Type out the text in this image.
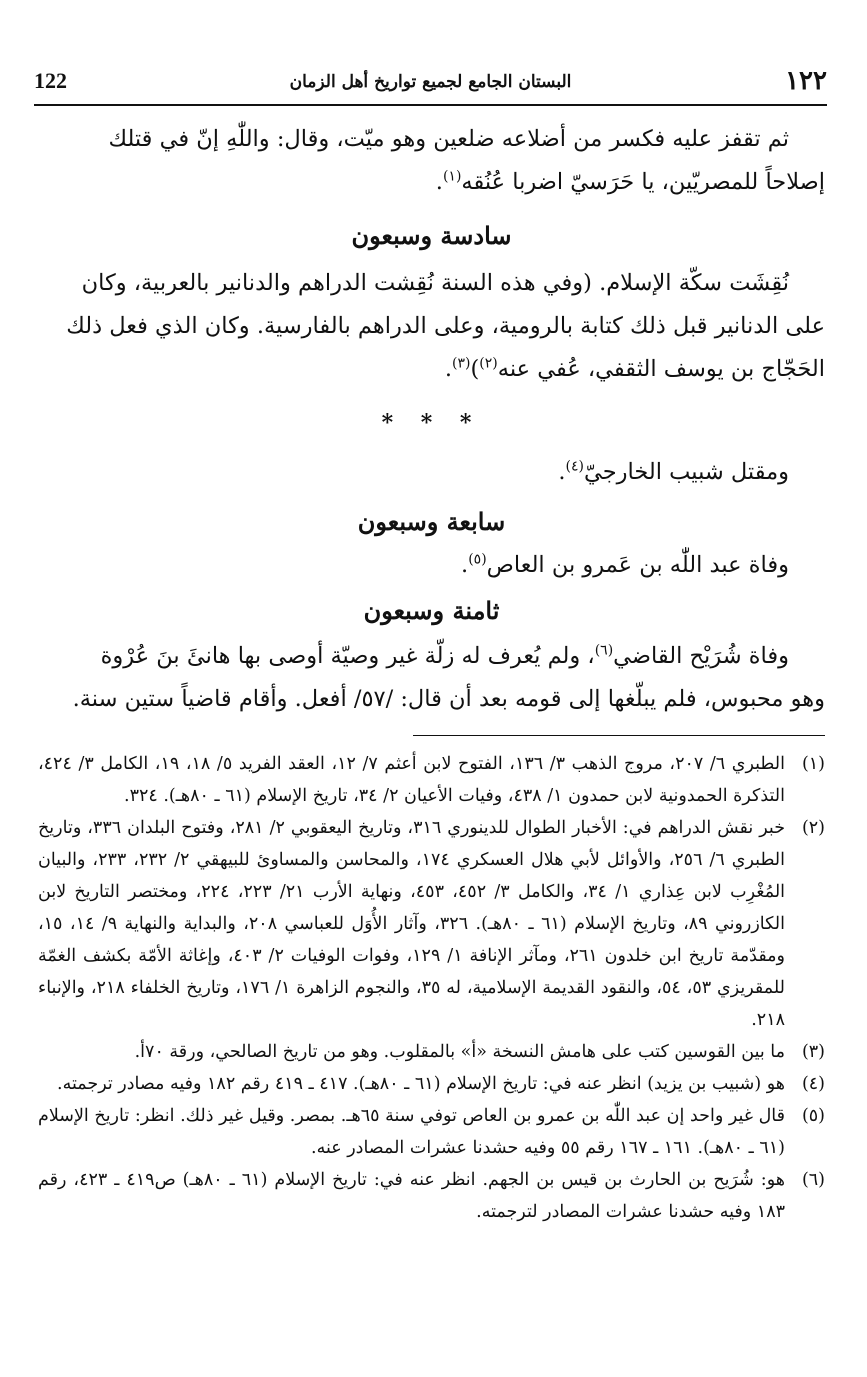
١٢٢
البستان الجامع لجميع تواريخ أهل الزمان
122

ثم تقفز عليه فكسر من أضلاعه ضلعين وهو ميّت، وقال: واللّٰهِ إنّ في قتلك

إصلاحاً للمصريّين، يا حَرَسيّ اضربا عُنُقه$^{(١)}$.

سادسة وسبعون

نُقِشَت سكّة الإسلام. (وفي هذه السنة نُقِشت الدراهم والدنانير بالعربية، وكان

على الدنانير قبل ذلك كتابة بالرومية، وعلى الدراهم بالفارسية. وكان الذي فعل ذلك

الحَجّاج بن يوسف الثقفي، عُفي عنه$^{(٢)}$)$^{(٣)}$.

* * *

ومقتل شبيب الخارجيّ$^{(٤)}$.

سابعة وسبعون

وفاة عبد اللّٰه بن عَمرو بن العاص$^{(٥)}$.

ثامنة وسبعون

وفاة شُرَيْح القاضي$^{(٦)}$، ولم يُعرف له زلّة غير وصيّة أوصى بها هانئَ بنَ عُرْوة

وهو محبوس، فلم يبلّغها إلى قومه بعد أن قال: /٥٧/ أفعل. وأقام قاضياً ستين سنة.

(١)
الطبري ٦/ ٢٠٧، مروج الذهب ٣/ ١٣٦، الفتوح لابن أعثم ٧/ ١٢، العقد الفريد ٥/ ١٨، ١٩، الكامل ٣/ ٤٢٤، التذكرة الحمدونية لابن حمدون ١/ ٤٣٨، وفيات الأعيان ٢/ ٣٤، تاريخ الإسلام (٦١ ـ ٨٠هـ). ٣٢٤.

(٢)
خبر نقش الدراهم في: الأخبار الطوال للدينوري ٣١٦، وتاريخ اليعقوبي ٢/ ٢٨١، وفتوح البلدان ٣٣٦، وتاريخ الطبري ٦/ ٢٥٦، والأوائل لأبي هلال العسكري ١٧٤، والمحاسن والمساوئ للبيهقي ٢/ ٢٣٢، ٢٣٣، والبيان المُغْرِب لابن عِذاري ١/ ٣٤، والكامل ٣/ ٤٥٢، ٤٥٣، ونهاية الأرب ٢١/ ٢٢٣، ٢٢٤، ومختصر التاريخ لابن الكازروني ٨٩، وتاريخ الإسلام (٦١ ـ ٨٠هـ). ٣٢٦، وآثار الأُوَل للعباسي ٢٠٨، والبداية والنهاية ٩/ ١٤، ١٥، ومقدّمة تاريخ ابن خلدون ٢٦١، ومآثر الإنافة ١/ ١٢٩، وفوات الوفيات ٢/ ٤٠٣، وإغاثة الأمّة بكشف الغمّة للمقريزي ٥٣، ٥٤، والنقود القديمة الإسلامية، له ٣٥، والنجوم الزاهرة ١/ ١٧٦، وتاريخ الخلفاء ٢١٨، والإنباء ٢١٨.

(٣)
ما بين القوسين كتب على هامش النسخة «أ» بالمقلوب. وهو من تاريخ الصالحي، ورقة ٧٠أ.

(٤)
هو (شبيب بن يزيد) انظر عنه في: تاريخ الإسلام (٦١ ـ ٨٠هـ). ٤١٧ ـ ٤١٩ رقم ١٨٢ وفيه مصادر ترجمته.

(٥)
قال غير واحد إن عبد اللّٰه بن عمرو بن العاص توفي سنة ٦٥هـ. بمصر. وقيل غير ذلك. انظر: تاريخ الإسلام (٦١ ـ ٨٠هـ). ١٦١ ـ ١٦٧ رقم ٥٥ وفيه حشدنا عشرات المصادر عنه.

(٦)
هو: شُرَيح بن الحارث بن قيس بن الجهم. انظر عنه في: تاريخ الإسلام (٦١ ـ ٨٠هـ) ص٤١٩ ـ ٤٢٣، رقم ١٨٣ وفيه حشدنا عشرات المصادر لترجمته.
